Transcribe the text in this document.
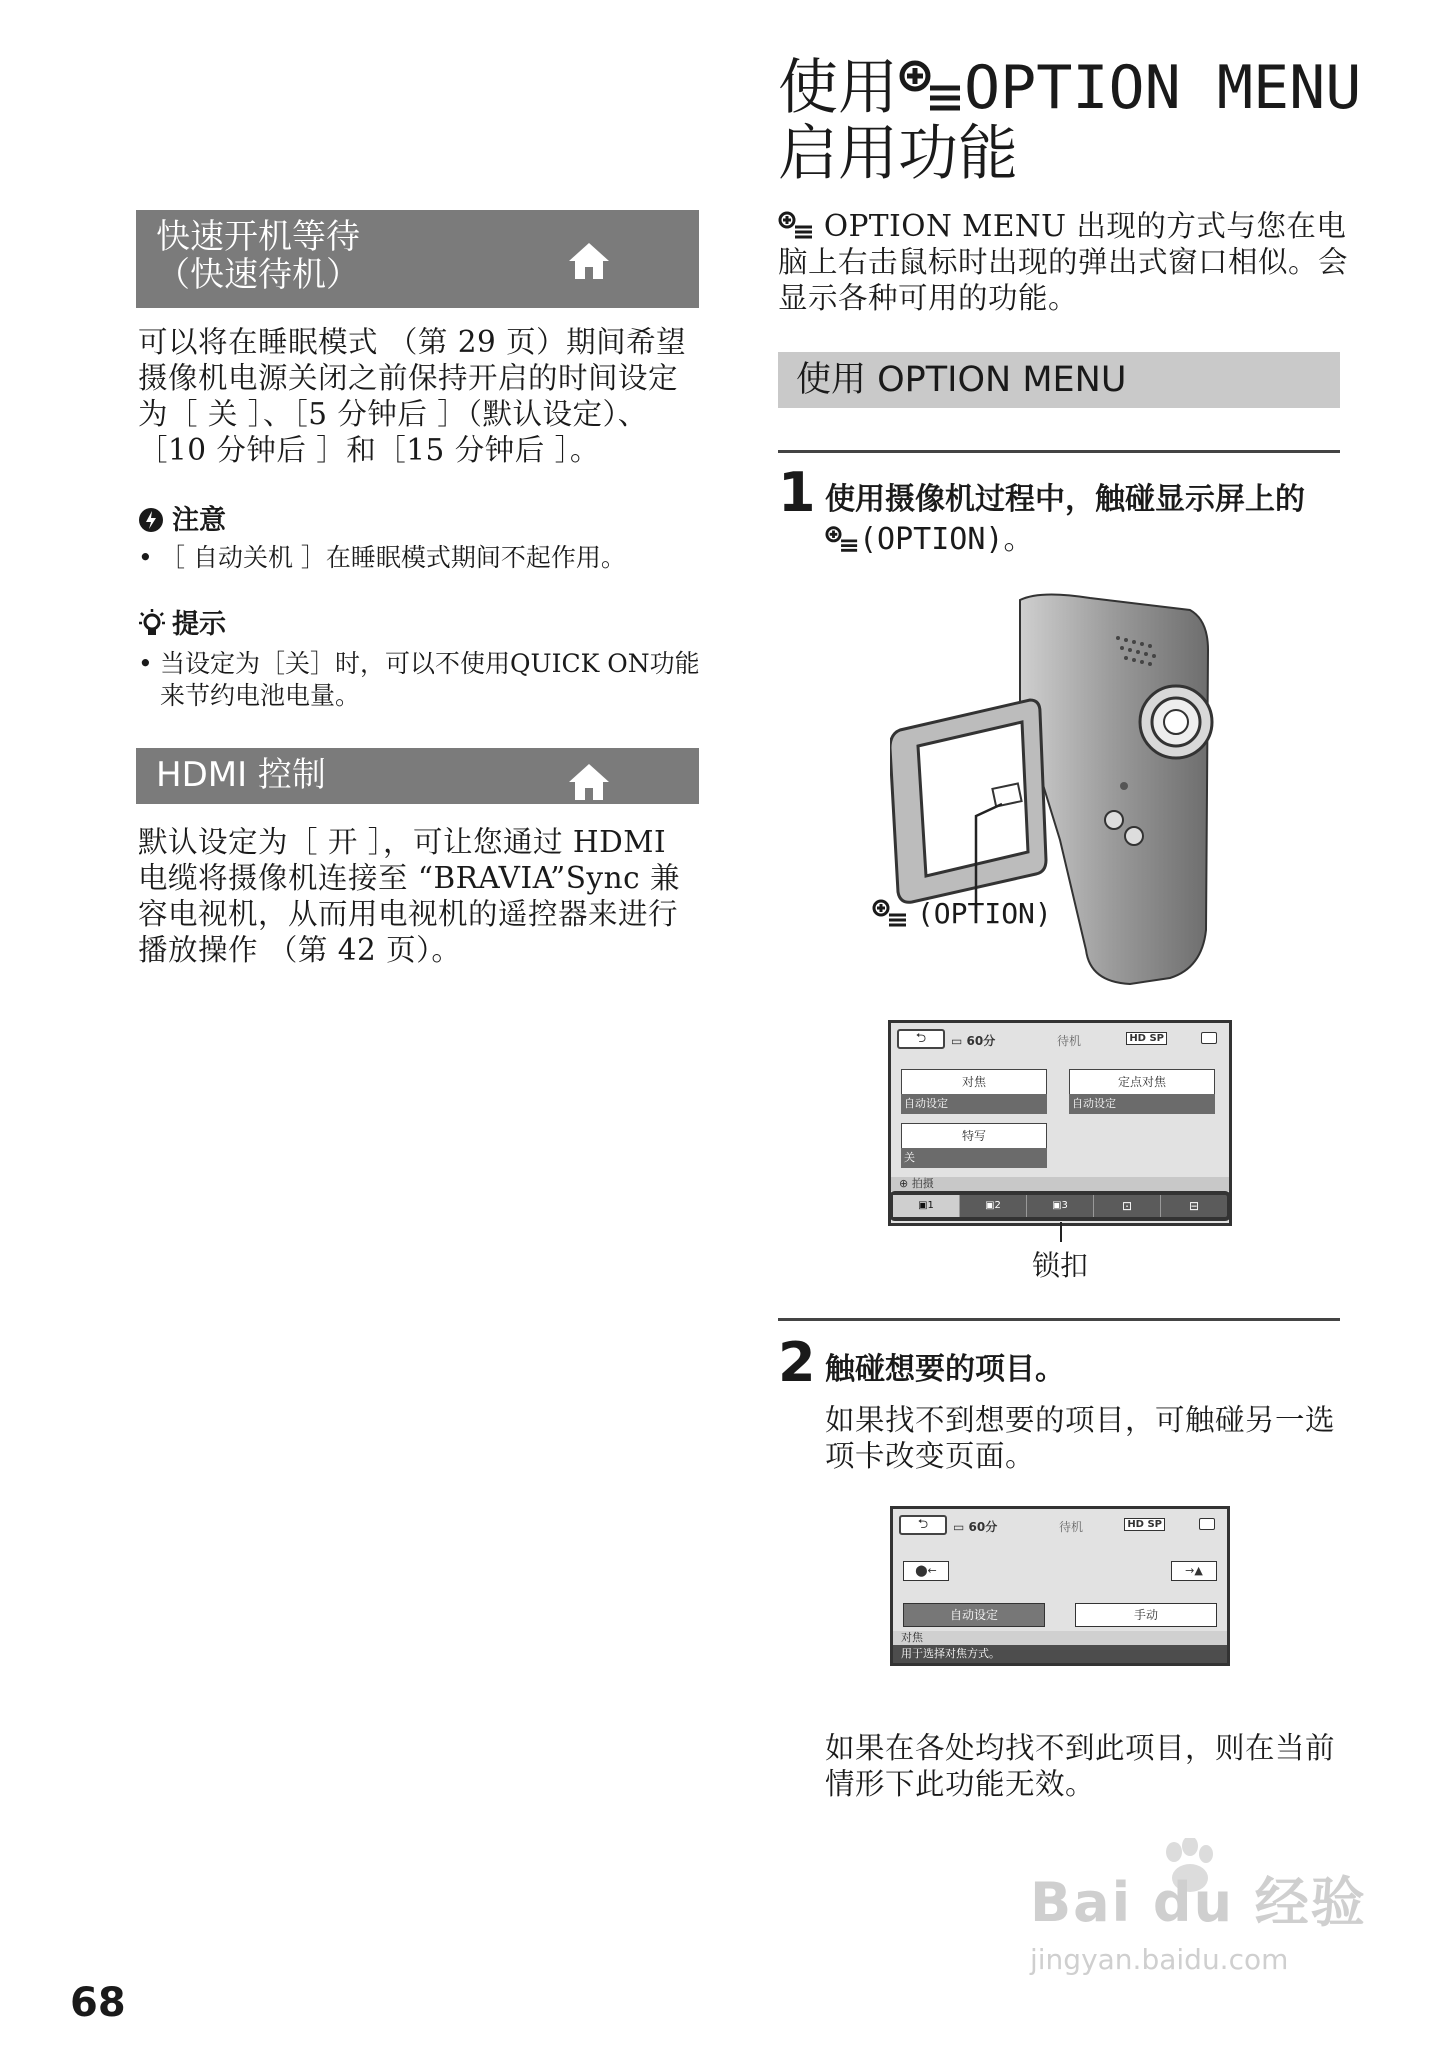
快速开机等待
（快速待机）
可以将在睡眠模式 （第 29 页）期间希望摄像机电源关闭之前保持开启的时间设定为［ 关 ］、［5 分钟后 ］（默认设定）、［10 分钟后 ］和［15 分钟后 ］。
注意
• ［ 自动关机 ］在睡眠模式期间不起作用。
提示
• 当设定为［关］时，可以不使用QUICK ON功能来节约电池电量。
HDMI 控制
默认设定为［ 开 ］，可让您通过 HDMI 电缆将摄像机连接至 “BRAVIA”Sync 兼容电视机，从而用电视机的遥控器来进行播放操作 （第 42 页）。
68
使用 OPTION MENU
启用功能
OPTION MENU 出现的方式与您在电脑上右击鼠标时出现的弹出式窗口相似。会显示各种可用的功能。
使用 OPTION MENU
1 使用摄像机过程中，触碰显示屏上的
(OPTION)。
(OPTION)
⮌	▭ 60分	待机	HD SP
对焦
自动设定
定点对焦
自动设定
特写
关
⊕ 拍摄
▣1	▣2	▣3	⊡	⊟
锁扣
2 触碰想要的项目。
如果找不到想要的项目，可触碰另一选项卡改变页面。
⮌	▭ 60分	待机	HD SP
⬤←	→▲
自动设定	手动
对焦
用于选择对焦方式。
如果在各处均找不到此项目，则在当前情形下此功能无效。
Bai du 经验
jingyan.baidu.com
